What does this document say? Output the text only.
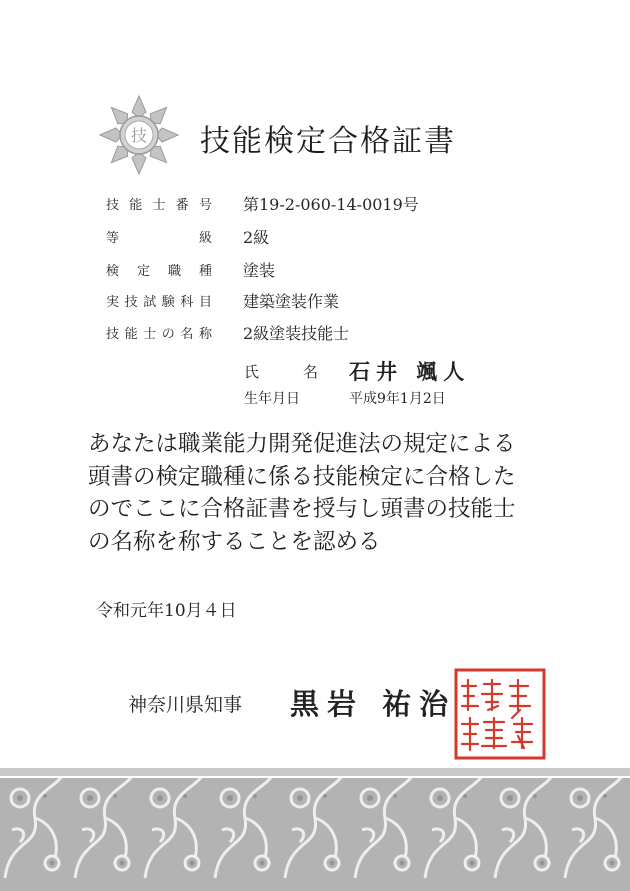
技 技能検定合格証書
技能士番号 第19-2-060-14-0019号
等級 2級
検定職種 塗装
実技試験科目 建築塗装作業
技能士の名称 2級塗装技能士
氏名 石井 颯人
生年月日	平成9年1月2日
あなたは職業能力開発促進法の規定による
頭書の検定職種に係る技能検定に合格した
のでここに合格証書を授与し頭書の技能士
の名称を称することを認める
令和元年10月４日
神奈川県知事 黒岩 祐治
